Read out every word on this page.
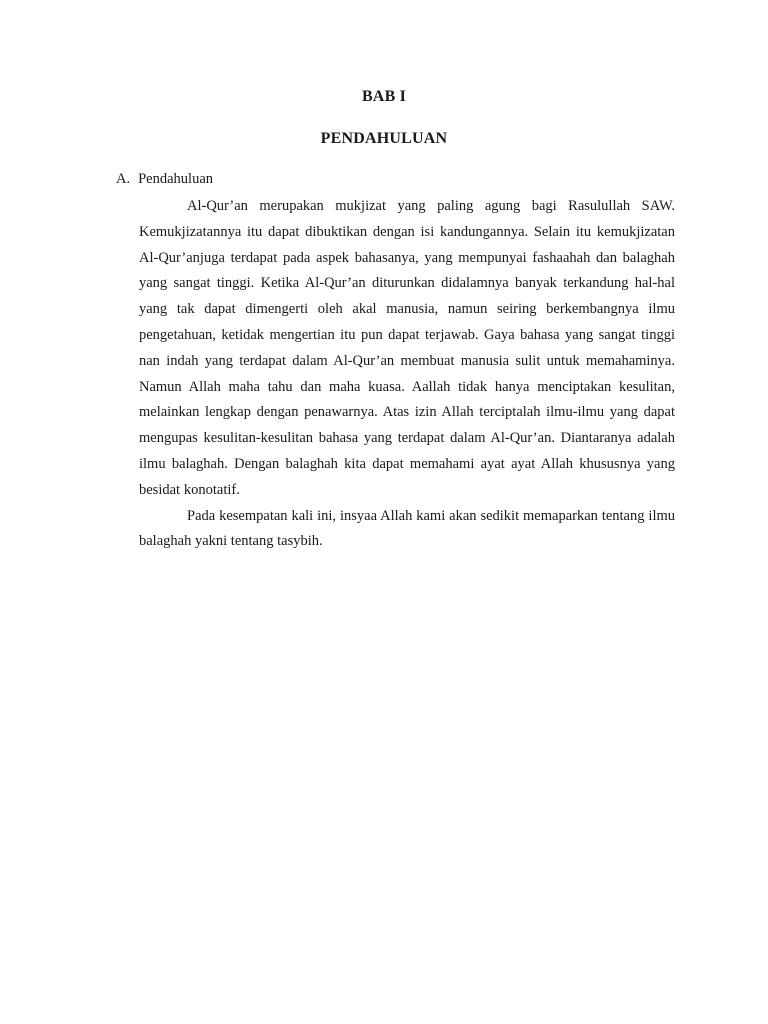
BAB I
PENDAHULUAN
A. Pendahuluan

Al-Qur’an merupakan mukjizat yang paling agung bagi Rasulullah SAW. Kemukjizatannya itu dapat dibuktikan dengan isi kandungannya. Selain itu kemukjizatan Al-Qur’anjuga terdapat pada aspek bahasanya, yang mempunyai fashaahah dan balaghah yang sangat tinggi. Ketika Al-Qur’an diturunkan didalamnya banyak terkandung hal-hal yang tak dapat dimengerti oleh akal manusia, namun seiring berkembangnya ilmu pengetahuan, ketidak mengertian itu pun dapat terjawab. Gaya bahasa yang sangat tinggi nan indah yang terdapat dalam Al-Qur’an membuat manusia sulit untuk memahaminya. Namun Allah maha tahu dan maha kuasa. Aallah tidak hanya menciptakan kesulitan, melainkan lengkap dengan penawarnya. Atas izin Allah terciptalah ilmu-ilmu yang dapat mengupas kesulitan-kesulitan bahasa yang terdapat dalam Al-Qur’an. Diantaranya adalah ilmu balaghah. Dengan balaghah kita dapat memahami ayat ayat Allah khususnya yang besidat konotatif.

Pada kesempatan kali ini, insyaa Allah kami akan sedikit memaparkan tentang ilmu balaghah yakni tentang tasybih.
